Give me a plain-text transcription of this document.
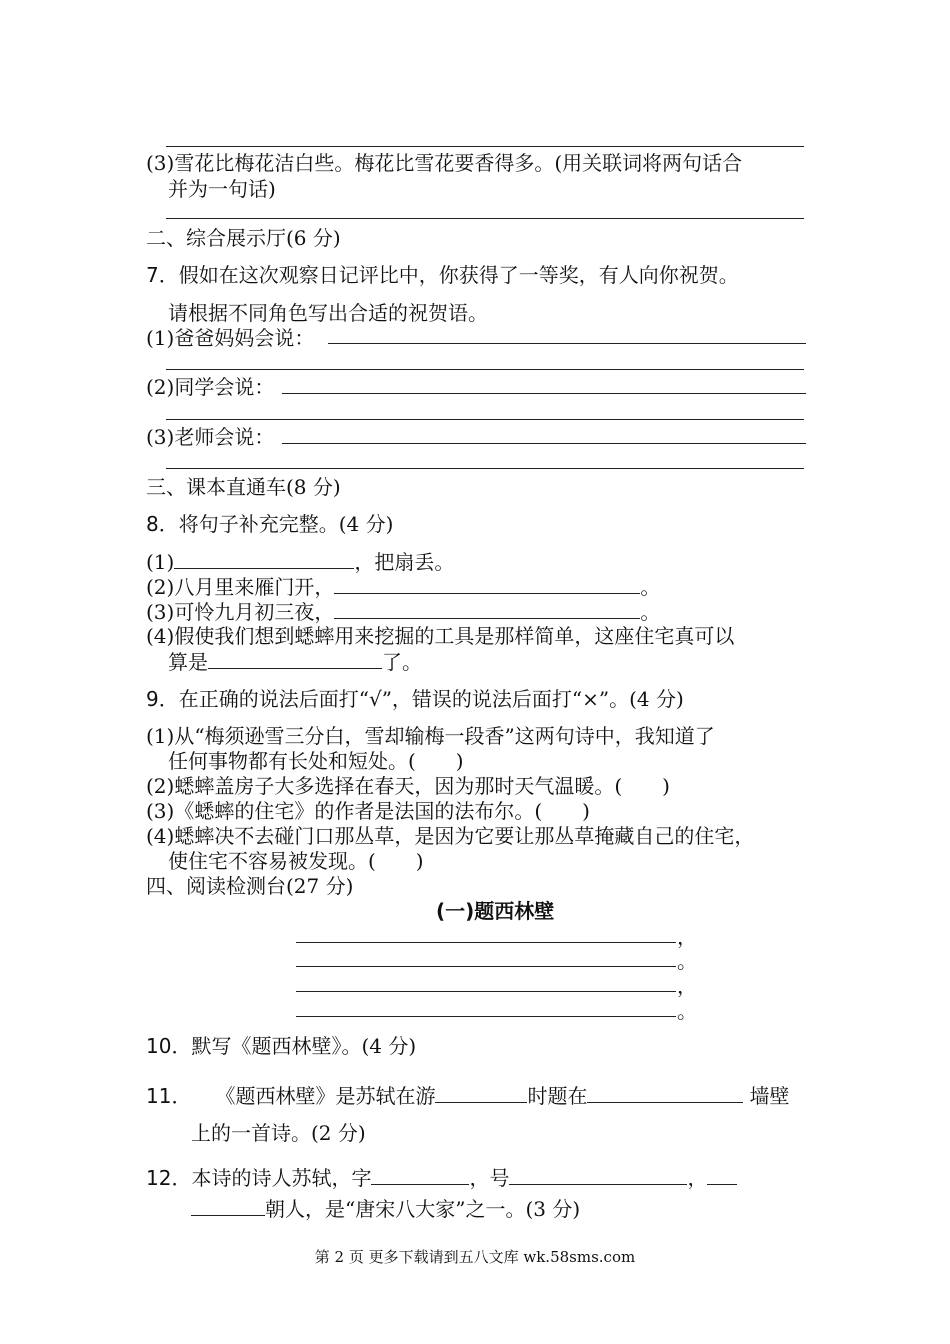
(3)雪花比梅花洁白些。梅花比雪花要香得多。(用关联词将两句话合
并为一句话)
二、综合展示厅(6 分)
7．假如在这次观察日记评比中，你获得了一等奖，有人向你祝贺。
请根据不同角色写出合适的祝贺语。
(1)爸爸妈妈会说：
(2)同学会说：
(3)老师会说：
三、课本直通车(8 分)
8．将句子补充完整。(4 分)
(1)	，把扇丢。
(2)八月里来雁门开，	。
(3)可怜九月初三夜，	。
(4)假使我们想到蟋蟀用来挖掘的工具是那样简单，这座住宅真可以
算是	了。
9．在正确的说法后面打“√”，错误的说法后面打“×”。(4 分)
(1)从“梅须逊雪三分白，雪却输梅一段香”这两句诗中，我知道了
任何事物都有长处和短处。(　　)
(2)蟋蟀盖房子大多选择在春天，因为那时天气温暖。(　　)
(3)《蟋蟀的住宅》的作者是法国的法布尔。(　　)
(4)蟋蟀决不去碰门口那丛草，是因为它要让那丛草掩藏自己的住宅，
使住宅不容易被发现。(　　)
四、阅读检测台(27 分)
(一)题西林壁
，
。
，
。
10．默写《题西林壁》。(4 分)
11． 《题西林壁》是苏轼在游	时题在	墙壁
上的一首诗。(2 分)
12．本诗的诗人苏轼，字	，号	，
朝人，是“唐宋八大家”之一。(3 分)
第 2 页 更多下载请到五八文库 wk.58sms.com
